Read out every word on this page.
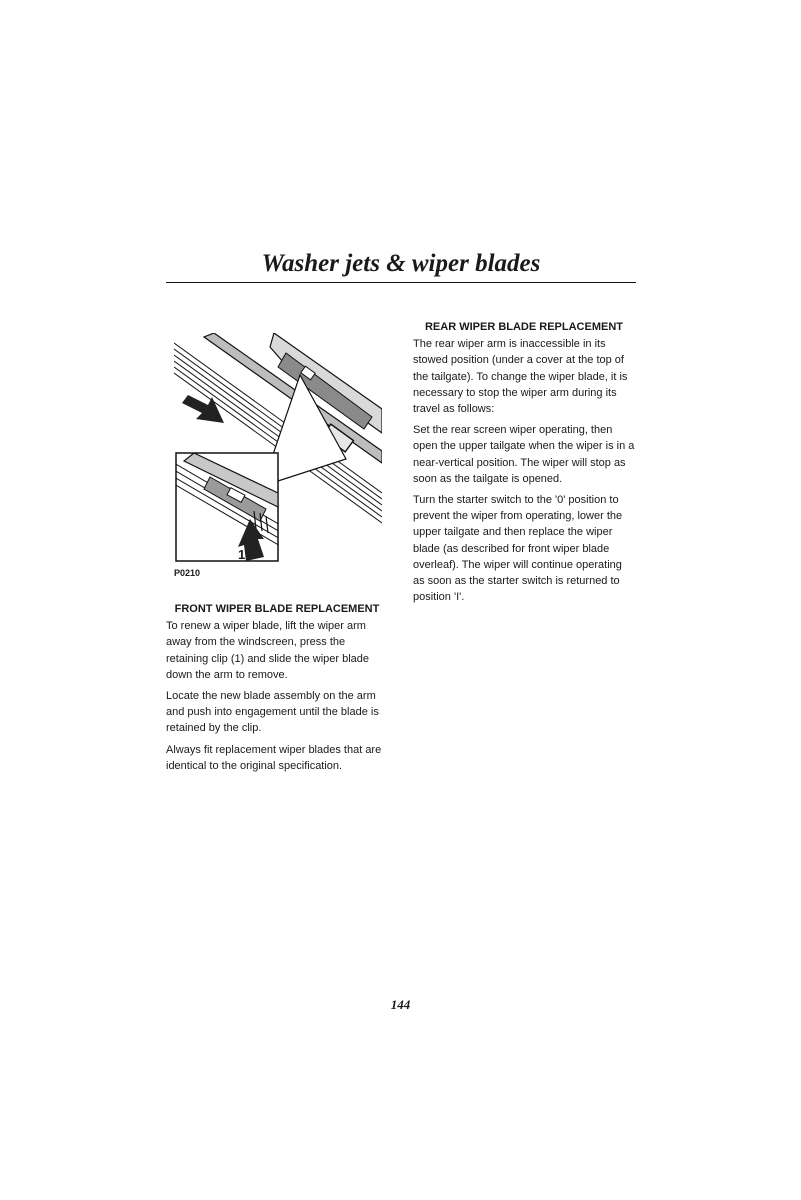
Washer jets & wiper blades
1
P0210
FRONT WIPER BLADE REPLACEMENT

To renew a wiper blade, lift the wiper arm away from the windscreen, press the retaining clip (1) and slide the wiper blade down the arm to remove.

Locate the new blade assembly on the arm and push into engagement until the blade is retained by the clip.

Always fit replacement wiper blades that are identical to the original specification.

REAR WIPER BLADE REPLACEMENT

The rear wiper arm is inaccessible in its stowed position (under a cover at the top of the tailgate). To change the wiper blade, it is necessary to stop the wiper arm during its travel as follows:

Set the rear screen wiper operating, then open the upper tailgate when the wiper is in a near-vertical position. The wiper will stop as soon as the tailgate is opened.

Turn the starter switch to the '0' position to prevent the wiper from operating, lower the upper tailgate and then replace the wiper blade (as described for front wiper blade overleaf). The wiper will continue operating as soon as the starter switch is returned to position 'I'.

144
